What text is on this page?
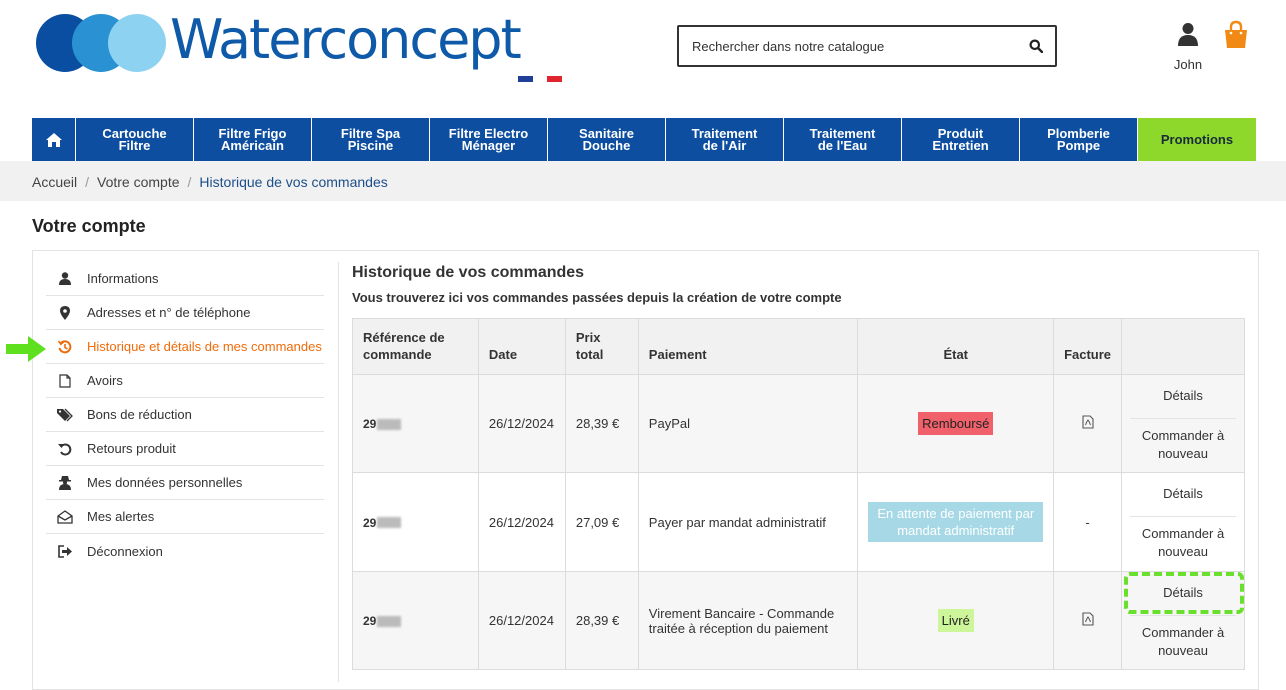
Waterconcept
Rechercher dans notre catalogue	John
Cartouche
Filtre
Filtre Frigo
Américain
Filtre Spa
Piscine
Filtre Electro
Ménager
Sanitaire
Douche
Traitement
de l'Air
Traitement
de l'Eau
Produit
Entretien
Plomberie
Pompe	Promotions
Accueil / Votre compte / Historique de vos commandes
Votre compte
Informations
Adresses et n° de téléphone
Historique et détails de mes commandes
Avoirs
Bons de réduction
Retours produit
Mes données personnelles
Mes alertes
Déconnexion
Historique de vos commandes
Vous trouverez ici vos commandes passées depuis la création de votre compte
Référence de commande	Date	Prix total	Paiement	État	Facture	

29	26/12/2024	28,39 €	PayPal	Remboursé		Détails
Commander à nouveau

29	26/12/2024	27,09 €	Payer par mandat administratif	En attente de paiement par mandat administratif	-	Détails
Commander à nouveau

29	26/12/2024	28,39 €	Virement Bancaire - Commande traitée à réception du paiement	Livré		Détails
Commander à nouveau
